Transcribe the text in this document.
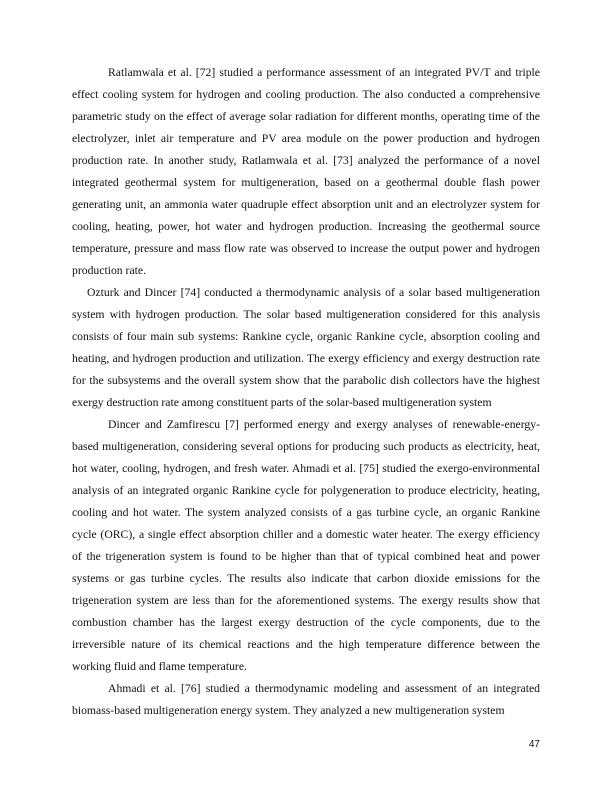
Ratlamwala et al. [72] studied a performance assessment of an integrated PV/T and triple effect cooling system for hydrogen and cooling production. The also conducted a comprehensive parametric study on the effect of average solar radiation for different months, operating time of the electrolyzer, inlet air temperature and PV area module on the power production and hydrogen production rate. In another study, Ratlamwala et al. [73] analyzed the performance of a novel integrated geothermal system for multigeneration, based on a geothermal double flash power generating unit, an ammonia water quadruple effect absorption unit and an electrolyzer system for cooling, heating, power, hot water and hydrogen production. Increasing the geothermal source temperature, pressure and mass flow rate was observed to increase the output power and hydrogen production rate.

Ozturk and Dincer [74] conducted a thermodynamic analysis of a solar based multigeneration system with hydrogen production. The solar based multigeneration considered for this analysis consists of four main sub systems: Rankine cycle, organic Rankine cycle, absorption cooling and heating, and hydrogen production and utilization. The exergy efficiency and exergy destruction rate for the subsystems and the overall system show that the parabolic dish collectors have the highest exergy destruction rate among constituent parts of the solar-based multigeneration system

Dincer and Zamfirescu [7] performed energy and exergy analyses of renewable-energy-based multigeneration, considering several options for producing such products as electricity, heat, hot water, cooling, hydrogen, and fresh water. Ahmadi et al. [75] studied the exergo-environmental analysis of an integrated organic Rankine cycle for polygeneration to produce electricity, heating, cooling and hot water. The system analyzed consists of a gas turbine cycle, an organic Rankine cycle (ORC), a single effect absorption chiller and a domestic water heater. The exergy efficiency of the trigeneration system is found to be higher than that of typical combined heat and power systems or gas turbine cycles. The results also indicate that carbon dioxide emissions for the trigeneration system are less than for the aforementioned systems. The exergy results show that combustion chamber has the largest exergy destruction of the cycle components, due to the irreversible nature of its chemical reactions and the high temperature difference between the working fluid and flame temperature.

Ahmadi et al. [76] studied a thermodynamic modeling and assessment of an integrated biomass-based multigeneration energy system. They analyzed a new multigeneration system

47
